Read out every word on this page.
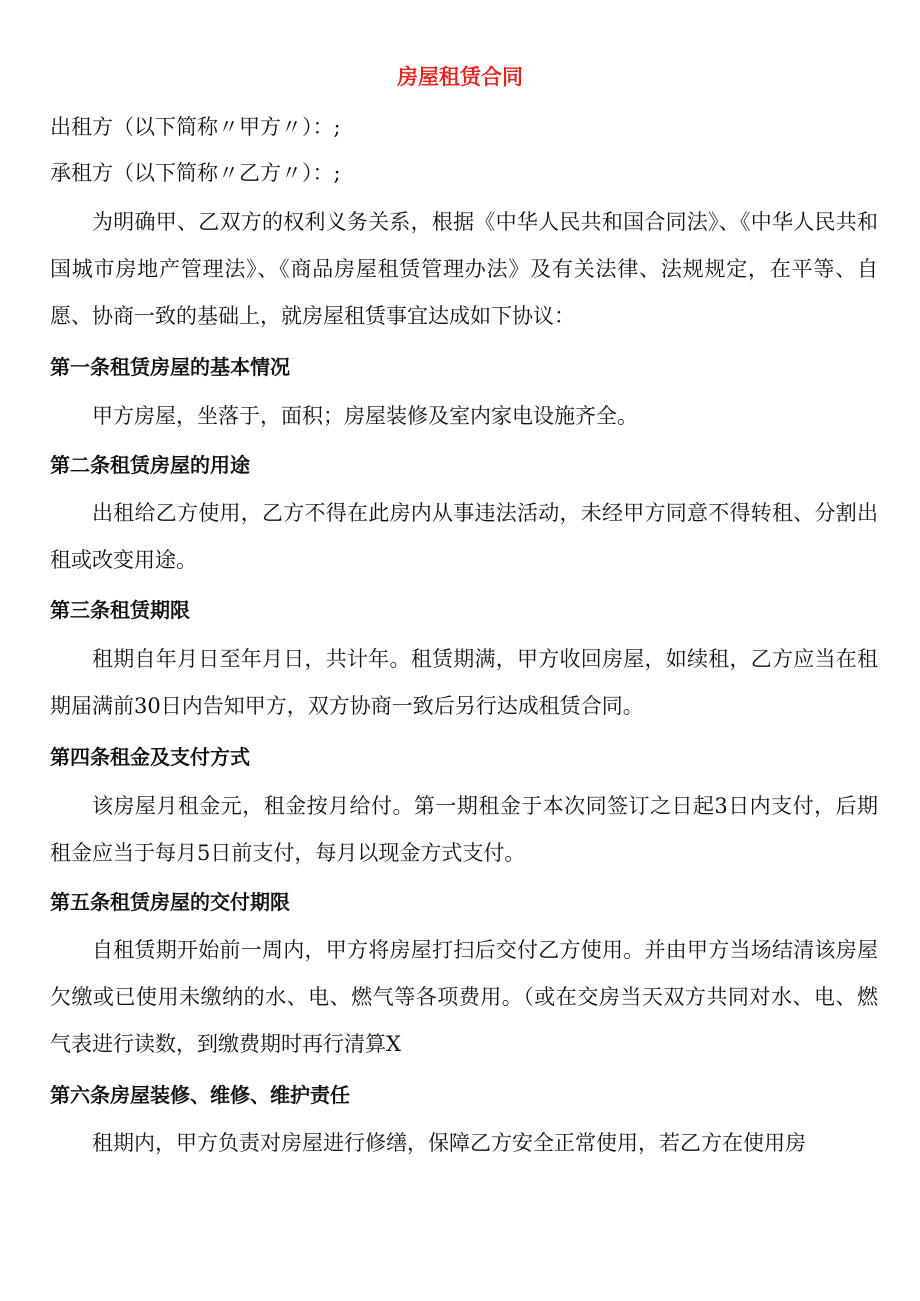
房屋租赁合同
出租方（以下简称〃甲方〃）：;
承租方（以下简称〃乙方〃）：;
为明确甲、乙双方的权利义务关系，根据《中华人民共和国合同法》、《中华人民共和国城市房地产管理法》、《商品房屋租赁管理办法》及有关法律、法规规定，在平等、自愿、协商一致的基础上，就房屋租赁事宜达成如下协议：
第一条租赁房屋的基本情况
甲方房屋，坐落于，面积；房屋装修及室内家电设施齐全。
第二条租赁房屋的用途
出租给乙方使用，乙方不得在此房内从事违法活动，未经甲方同意不得转租、分割出租或改变用途。
第三条租赁期限
租期自年月日至年月日，共计年。租赁期满，甲方收回房屋，如续租，乙方应当在租期届满前30日内告知甲方，双方协商一致后另行达成租赁合同。
第四条租金及支付方式
该房屋月租金元，租金按月给付。第一期租金于本次同签订之日起3日内支付，后期租金应当于每月5日前支付，每月以现金方式支付。
第五条租赁房屋的交付期限
自租赁期开始前一周内，甲方将房屋打扫后交付乙方使用。并由甲方当场结清该房屋欠缴或已使用未缴纳的水、电、燃气等各项费用。（或在交房当天双方共同对水、电、燃气表进行读数，到缴费期时再行清算X
第六条房屋装修、维修、维护责任
租期内，甲方负责对房屋进行修缮，保障乙方安全正常使用，若乙方在使用房
